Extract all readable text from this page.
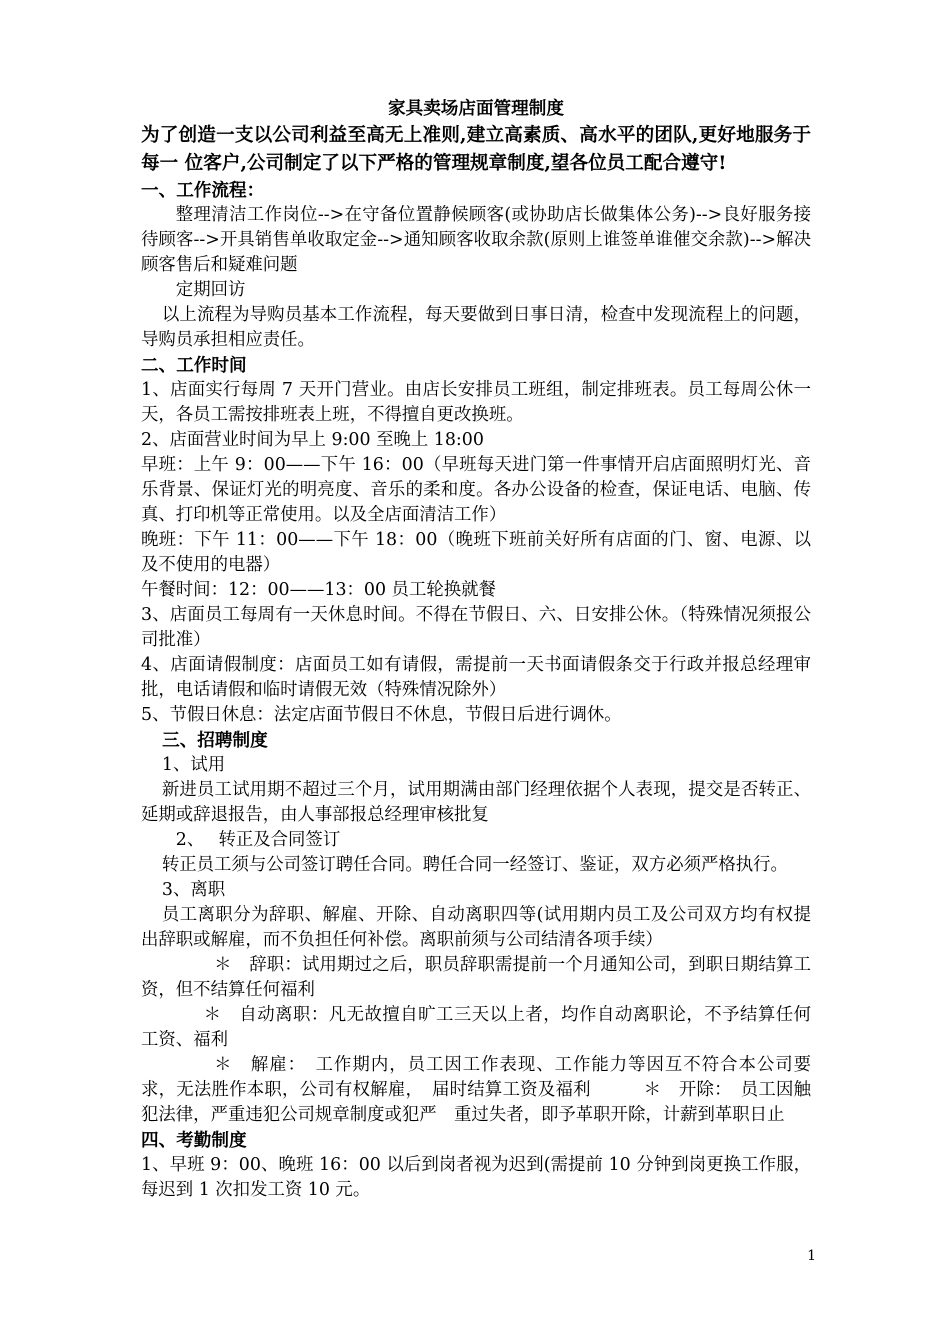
家具卖场店面管理制度

为了创造一支以公司利益至高无上准则,建立高素质、高水平的团队,更好地服务于每一 位客户,公司制定了以下严格的管理规章制度,望各位员工配合遵守!

一、工作流程：

整理清洁工作岗位-->在守备位置静候顾客(或协助店长做集体公务)-->良好服务接待顾客-->开具销售单收取定金-->通知顾客收取余款(原则上谁签单谁催交余款)-->解决顾客售后和疑难问题

定期回访

以上流程为导购员基本工作流程，每天要做到日事日清，检查中发现流程上的问题，导购员承担相应责任。

二、工作时间

1、店面实行每周 7 天开门营业。由店长安排员工班组，制定排班表。员工每周公休一天，各员工需按排班表上班，不得擅自更改换班。

2、店面营业时间为早上 9:00 至晚上 18:00

早班：上午 9：00——下午 16：00（早班每天进门第一件事情开启店面照明灯光、音乐背景、保证灯光的明亮度、音乐的柔和度。各办公设备的检查，保证电话、电脑、传真、打印机等正常使用。以及全店面清洁工作）

晚班：下午 11：00——下午 18：00（晚班下班前关好所有店面的门、窗、电源、以及不使用的电器）

午餐时间：12：00——13：00 员工轮换就餐

3、店面员工每周有一天休息时间。不得在节假日、六、日安排公休。（特殊情况须报公司批准）

4、店面请假制度：店面员工如有请假，需提前一天书面请假条交于行政并报总经理审批，电话请假和临时请假无效（特殊情况除外）

5、节假日休息：法定店面节假日不休息，节假日后进行调休。

三、招聘制度

1、试用

新进员工试用期不超过三个月，试用期满由部门经理依据个人表现，提交是否转正、延期或辞退报告，由人事部报总经理审核批复

2、　 转正及合同签订

转正员工须与公司签订聘任合同。聘任合同一经签订、鉴证，双方必须严格执行。

3、离职

员工离职分为辞职、解雇、开除、自动离职四等(试用期内员工及公司双方均有权提出辞职或解雇，而不负担任何补偿。离职前须与公司结清各项手续）

＊　辞职：试用期过之后，职员辞职需提前一个月通知公司，到职日期结算工资，但不结算任何福利

＊　自动离职：凡无故擅自旷工三天以上者，均作自动离职论，不予结算任何工资、福利

＊　解雇：　工作期内，员工因工作表现、工作能力等因互不符合本公司要求，无法胜作本职，公司有权解雇，　届时结算工资及福利　　　＊　开除：　员工因触犯法律，严重违犯公司规章制度或犯严　重过失者，即予革职开除，计薪到革职日止

四、考勤制度

1、早班 9：00、晚班 16：00 以后到岗者视为迟到(需提前 10 分钟到岗更换工作服，每迟到 1 次扣发工资 10 元。

1
